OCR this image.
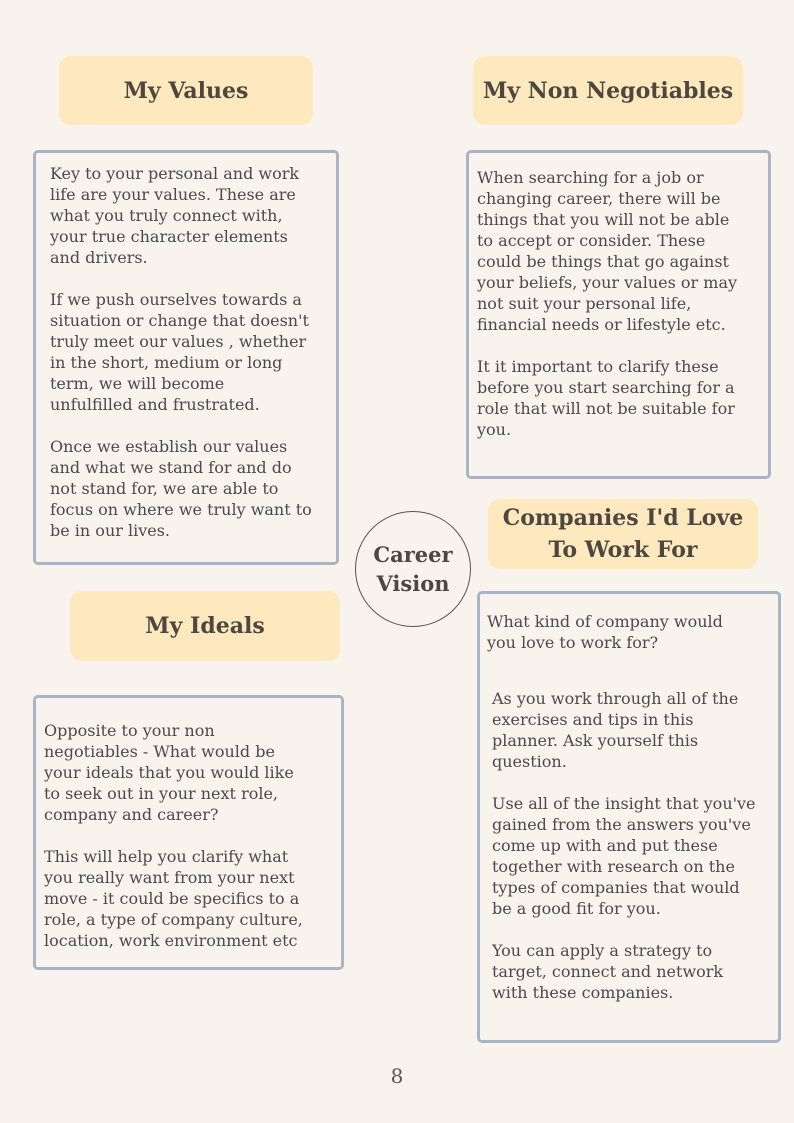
My Values

Key to your personal and work
life are your values. These are
what you truly connect with,
your true character elements
and drivers.

If we push ourselves towards a
situation or change that doesn't
truly meet our values , whether
in the short, medium or long
term, we will become
unfulfilled and frustrated.

Once we establish our values
and what we stand for and do
not stand for, we are able to
focus on where we truly want to
be in our lives.

My Non Negotiables

When searching for a job or
changing career, there will be
things that you will not be able
to accept or consider. These
could be things that go against
your beliefs, your values or may
not suit your personal life,
financial needs or lifestyle etc.

It it important to clarify these
before you start searching for a
role that will not be suitable for
you.

Career
Vision
Companies I'd Love
To Work For

What kind of company would
you love to work for?

As you work through all of the
exercises and tips in this
planner. Ask yourself this
question.

Use all of the insight that you've
gained from the answers you've
come up with and put these
together with research on the
types of companies that would
be a good fit for you.

You can apply a strategy to
target, connect and network
with these companies.

My Ideals

Opposite to your non
negotiables - What would be
your ideals that you would like
to seek out in your next role,
company and career?

This will help you clarify what
you really want from your next
move - it could be specifics to a
role, a type of company culture,
location, work environment etc

8
